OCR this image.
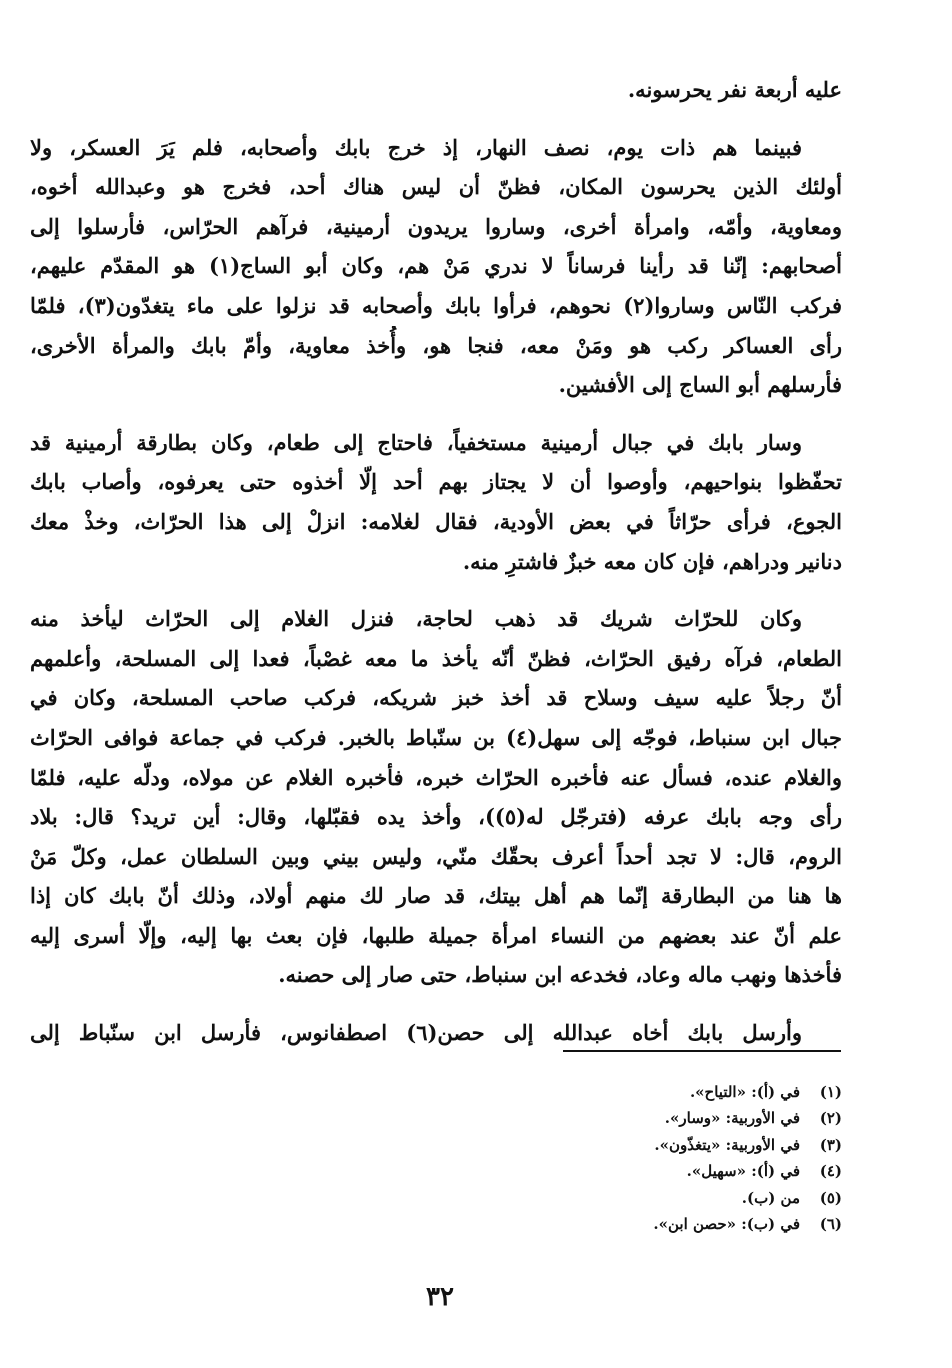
عليه أربعة نفر يحرسونه.

فبينما هم ذات يوم، نصف النهار، إذ خرج بابك وأصحابه، فلم يَرَ العسكر، ولا

أولئك الذين يحرسون المكان، فظنّ أن ليس هناك أحد، فخرج هو وعبدالله أخوه،

ومعاوية، وأمّه، وامرأة أخرى، وساروا يريدون أرمينية، فرآهم الحرّاس، فأرسلوا إلى

أصحابهم: إنّنا قد رأينا فرساناً لا ندري مَنْ هم، وكان أبو الساج(١) هو المقدّم عليهم،

فركب النّاس وساروا(٢) نحوهم، فرأوا بابك وأصحابه قد نزلوا على ماء يتغدّون(٣)، فلمّا

رأى العساكر ركب هو ومَنْ معه، فنجا هو، وأُخذ معاوية، وأمّ بابك والمرأة الأخرى،

فأرسلهم أبو الساج إلى الأفشين.

وسار بابك في جبال أرمينية مستخفياً، فاحتاج إلى طعام، وكان بطارقة أرمينية قد

تحفّظوا بنواحيهم، وأوصوا أن لا يجتاز بهم أحد إلّا أخذوه حتى يعرفوه، وأصاب بابك

الجوع، فرأى حرّاثاً في بعض الأودية، فقال لغلامه: انزلْ إلى هذا الحرّاث، وخذْ معك

دنانير ودراهم، فإن كان معه خبزٌ فاشترِ منه.

وكان للحرّاث شريك قد ذهب لحاجة، فنزل الغلام إلى الحرّاث ليأخذ منه

الطعام، فرآه رفيق الحرّاث، فظنّ أنّه يأخذ ما معه غصْباً، فعدا إلى المسلحة، وأعلمهم

أنّ رجلاً عليه سيف وسلاح قد أخذ خبز شريكه، فركب صاحب المسلحة، وكان في

جبال ابن سنباط، فوجّه إلى سهل(٤) بن سنّباط بالخبر. فركب في جماعة فوافى الحرّاث

والغلام عنده، فسأل عنه فأخبره الحرّاث خبره، فأخبره الغلام عن مولاه، ودلّه عليه، فلمّا

رأى وجه بابك عرفه (فترجّل له(٥))، وأخذ يده فقبّلها، وقال: أين تريد؟ قال: بلاد

الروم، قال: لا تجد أحداً أعرف بحقّك منّي، وليس بيني وبين السلطان عمل، وكلّ مَنْ

ها هنا من البطارقة إنّما هم أهل بيتك، قد صار لك منهم أولاد، وذلك أنّ بابك كان إذا

علم أنّ عند بعضهم من النساء امرأة جميلة طلبها، فإن بعث بها إليه، وإلّا أسرى إليه

فأخذها ونهب ماله وعاد، فخدعه ابن سنباط، حتى صار إلى حصنه.

وأرسل بابك أخاه عبدالله إلى حصن(٦) اصطفانوس، فأرسل ابن سنّباط إلى

(١)
في (أ): «التياح».
(٢)
في الأوربية: «وسار».
(٣)
في الأوربية: «يتغذّون».
(٤)
في (أ): «سهيل».
(٥)
من (ب).
(٦)
في (ب): «حصن ابن».
٣٢
